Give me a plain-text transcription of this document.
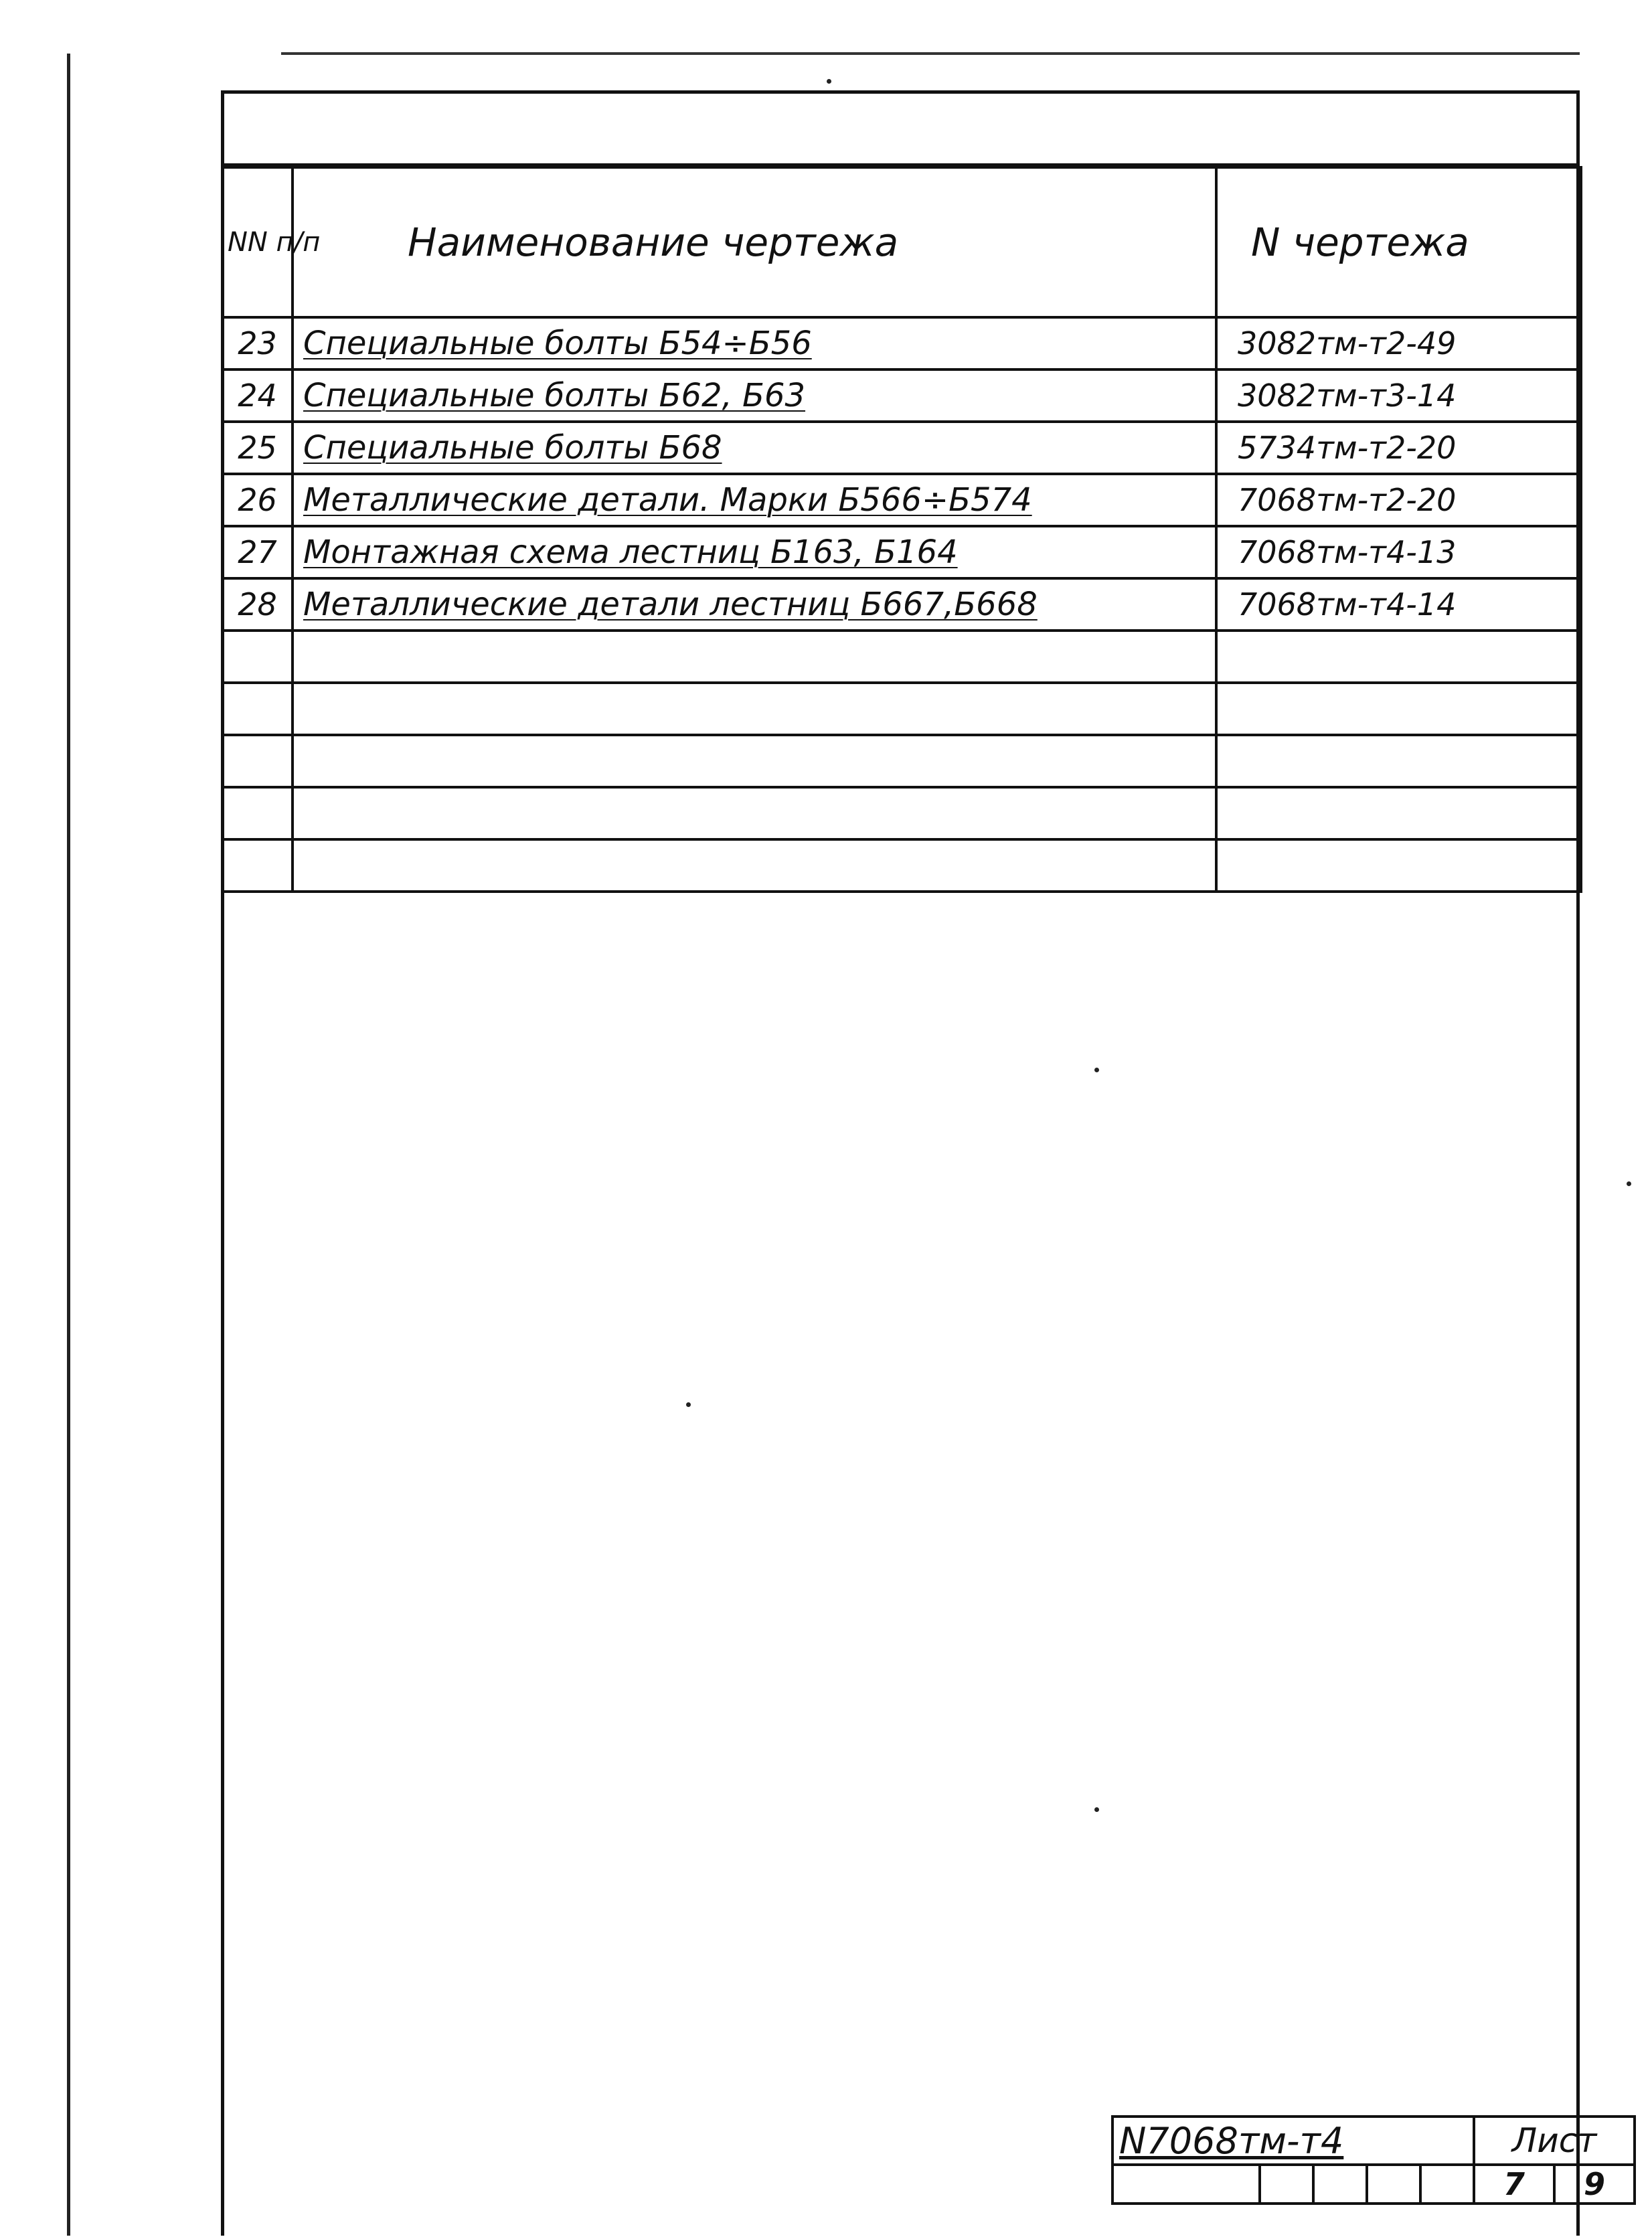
NN п/п	Наименование чертежа	N чертежа
23	Специальные болты Б54÷Б56	3082тм-т2-49
24	Специальные болты Б62, Б63	3082тм-т3-14
25	Специальные болты Б68	5734тм-т2-20
26	Металлические детали. Марки Б566÷Б574	7068тм-т2-20
27	Монтажная схема лестниц Б163, Б164	7068тм-т4-13
28	Металлические детали лестниц Б667,Б668	7068тм-т4-14

N7068тм-т4					Лист	
					7	9
